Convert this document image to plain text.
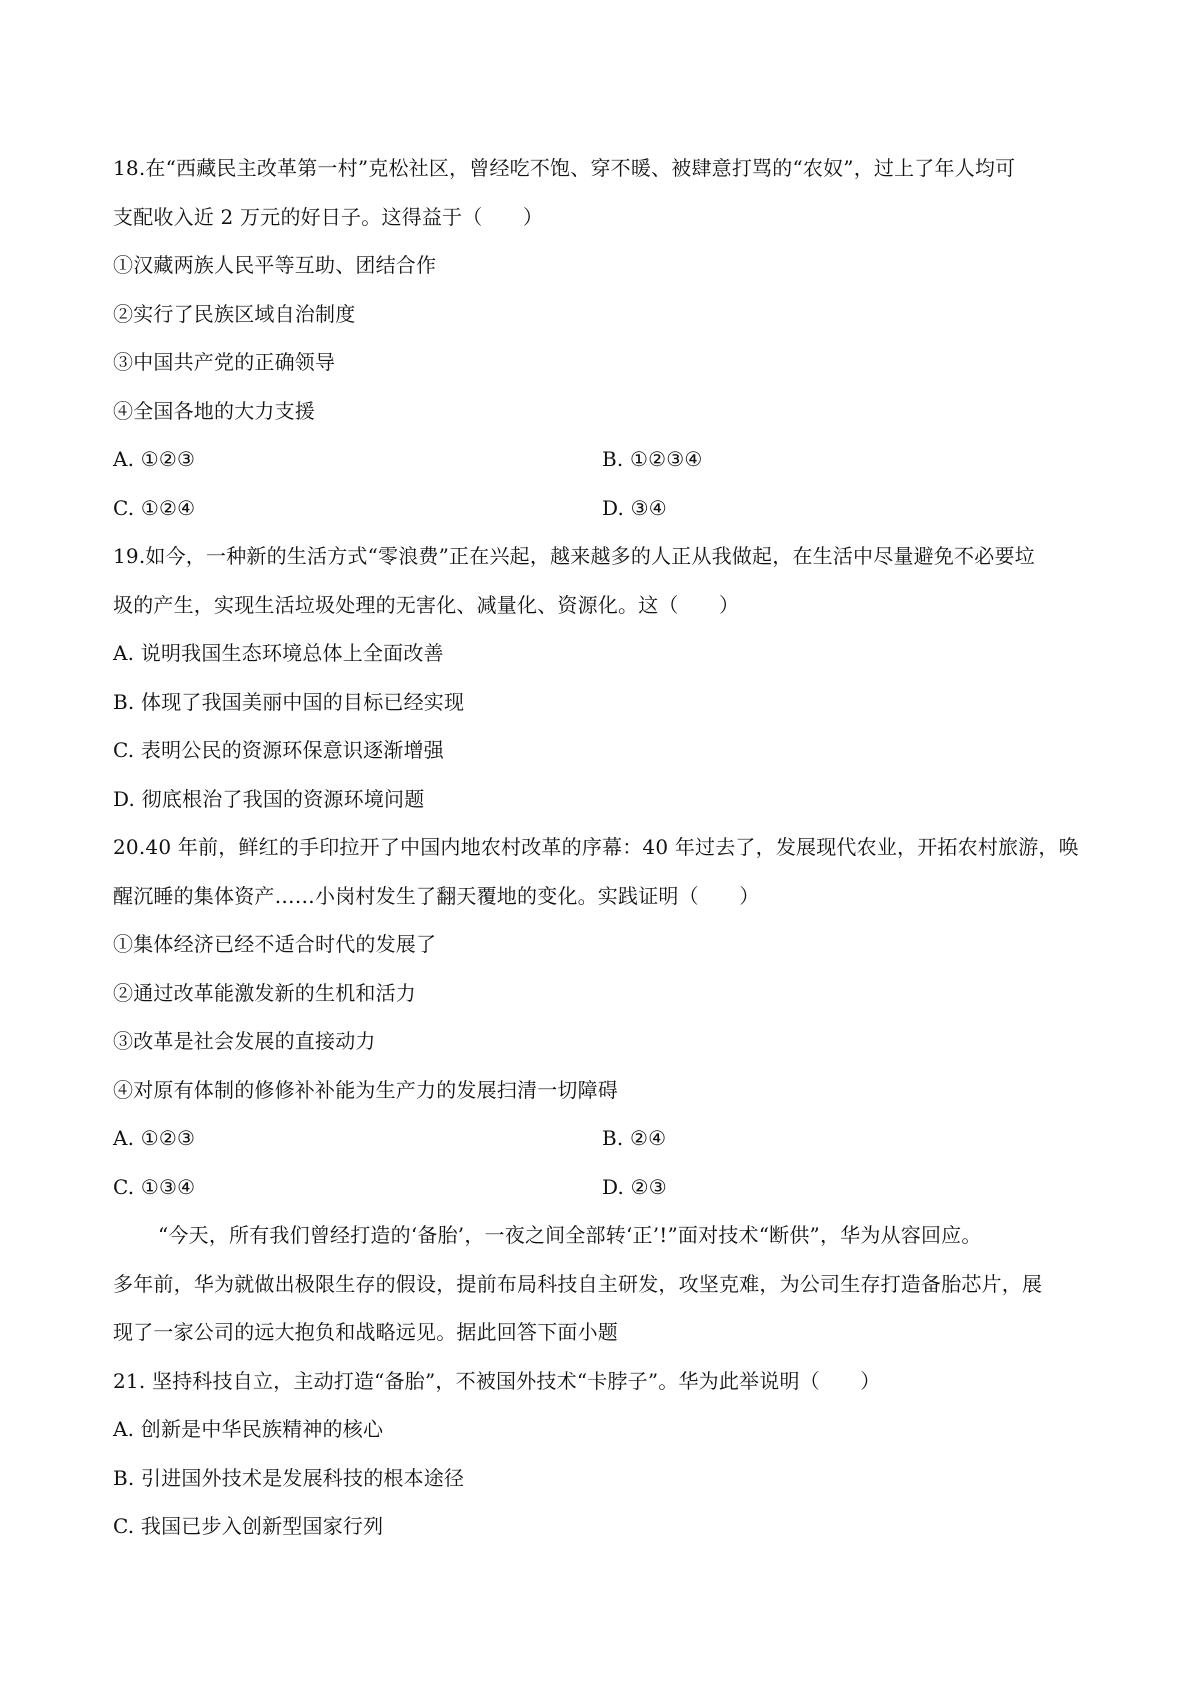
18.在“西藏民主改革第一村”克松社区，曾经吃不饱、穿不暖、被肆意打骂的“农奴”，过上了年人均可
支配收入近 2 万元的好日子。这得益于（　　）
①汉藏两族人民平等互助、团结合作
②实行了民族区域自治制度
③中国共产党的正确领导
④全国各地的大力支援
A. ①②③	B. ①②③④
C. ①②④	D. ③④
19.如今，一种新的生活方式“零浪费”正在兴起，越来越多的人正从我做起，在生活中尽量避免不必要垃
圾的产生，实现生活垃圾处理的无害化、减量化、资源化。这（　　）
A. 说明我国生态环境总体上全面改善
B. 体现了我国美丽中国的目标已经实现
C. 表明公民的资源环保意识逐渐增强
D. 彻底根治了我国的资源环境问题
20.40 年前，鲜红的手印拉开了中国内地农村改革的序幕：40 年过去了，发展现代农业，开拓农村旅游，唤
醒沉睡的集体资产……小岗村发生了翻天覆地的变化。实践证明（　　）
①集体经济已经不适合时代的发展了
②通过改革能激发新的生机和活力
③改革是社会发展的直接动力
④对原有体制的修修补补能为生产力的发展扫清一切障碍
A. ①②③	B. ②④
C. ①③④	D. ②③
“今天，所有我们曾经打造的‘备胎’，一夜之间全部转‘正’!”面对技术“断供”，华为从容回应。
多年前，华为就做出极限生存的假设，提前布局科技自主研发，攻坚克难，为公司生存打造备胎芯片，展
现了一家公司的远大抱负和战略远见。据此回答下面小题
21. 坚持科技自立，主动打造“备胎”，不被国外技术“卡脖子”。华为此举说明（　　）
A. 创新是中华民族精神的核心
B. 引进国外技术是发展科技的根本途径
C. 我国已步入创新型国家行列
